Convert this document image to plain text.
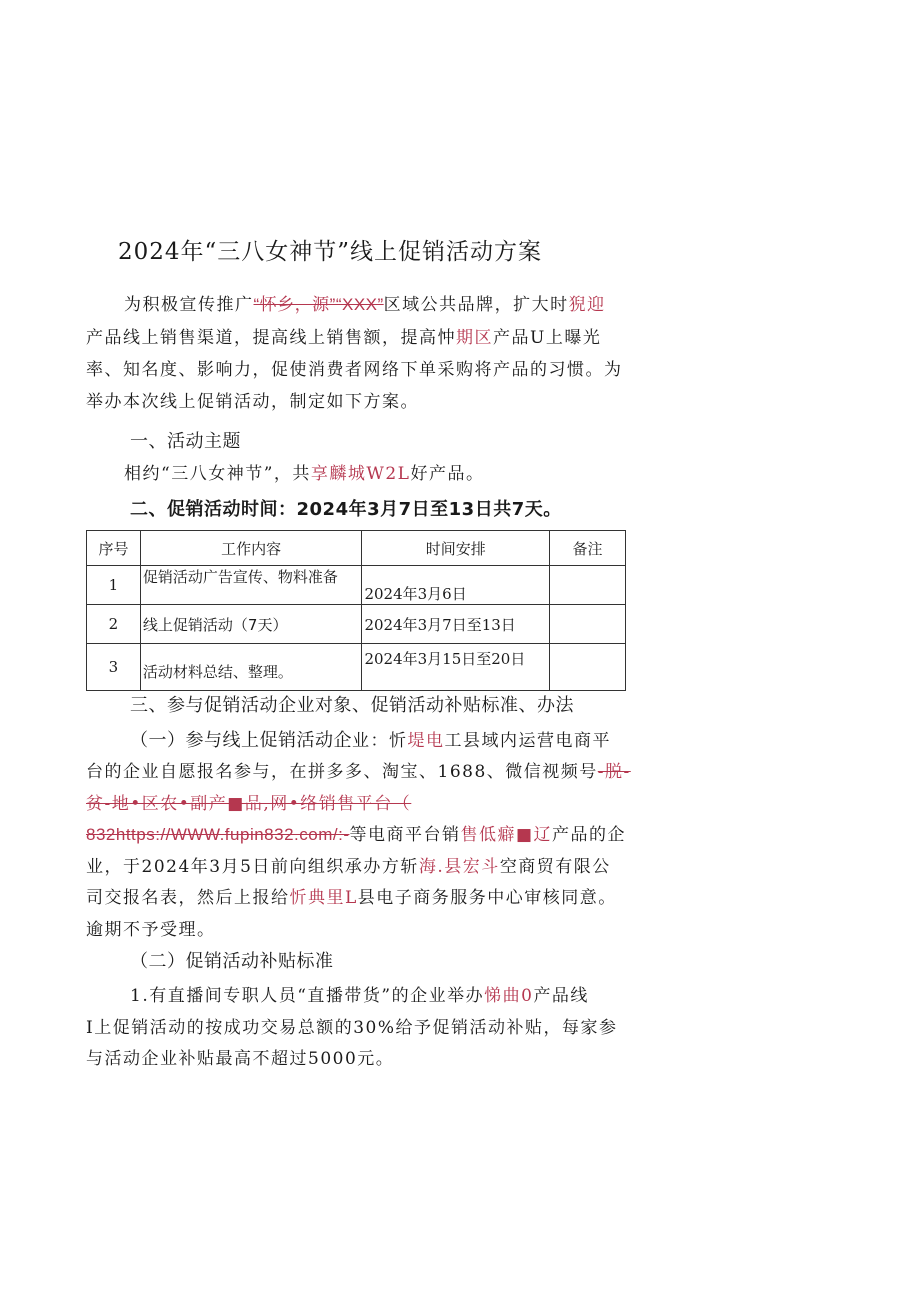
2024年“三八女神节”线上促销活动方案
为积极宣传推广“怀乡，源”“XXX”区域公共品牌，扩大时猊迎
产品线上销售渠道，提高线上销售额，提高忡期区产品U上曝光
率、知名度、影响力，促使消费者网络下单采购将产品的习惯。为
举办本次线上促销活动，制定如下方案。
一、活动主题
相约“三八女神节”，共享麟城W2L好产品。
二、促销活动时间：2024年3月7日至13日共7天。
序号	工作内容	时间安排	备注
1	促销活动广告宣传、物料准备	2024年3月6日	
2	线上促销活动（7天）	2024年3月7日至13日	
3	活动材料总结、整理。	2024年3月15日至20日	
三、参与促销活动企业对象、促销活动补贴标准、办法
（一）参与线上促销活动企业：忻堤电工县域内运营电商平
台的企业自愿报名参与，在拼多多、淘宝、1688、微信视频号-脱-
贫-地•区农•副产■品,网•络销售平台（
832https://WWW.fupin832.com/:-等电商平台销售低癖■辽产品的企
业，于2024年3月5日前向组织承办方斩海.县宏斗空商贸有限公
司交报名表，然后上报给忻典里L县电子商务服务中心审核同意。
逾期不予受理。
（二）促销活动补贴标准
1.有直播间专职人员“直播带货”的企业举办悌曲0产品线
I上促销活动的按成功交易总额的30%给予促销活动补贴，每家参
与活动企业补贴最高不超过5000元。
